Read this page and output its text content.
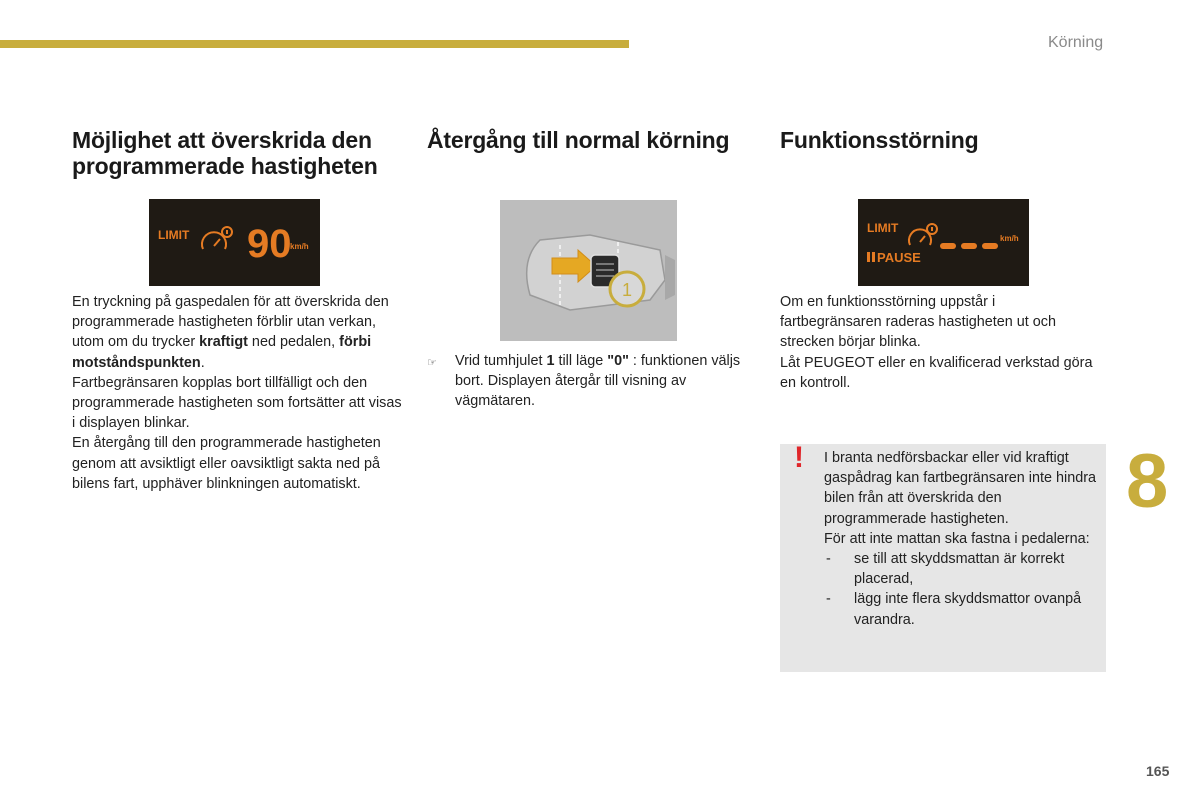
Körning
Möjlighet att överskrida den programmerade hastigheten
Återgång till normal körning	Funktionsstörning
LIMIT 90
km/h
1
LIMIT
PAUSE
km/h

En tryckning på gaspedalen för att överskrida den programmerade hastigheten förblir utan verkan, utom om du trycker kraftigt ned pedalen, förbi motståndspunkten.

Fartbegränsaren kopplas bort tillfälligt och den programmerade hastigheten som fortsätter att visas i displayen blinkar.

En återgång till den programmerade hastigheten genom att avsiktligt eller oavsiktligt sakta ned på bilens fart, upphäver blinkningen automatiskt.

☞	Vrid tumhjulet 1 till läge "0" : funktionen väljs bort. Displayen återgår till visning av vägmätaren.

Om en funktionsstörning uppstår i fartbegränsaren raderas hastigheten ut och strecken börjar blinka.

Låt PEUGEOT eller en kvalificerad verkstad göra en kontroll.

! I branta nedförsbackar eller vid kraftigt gaspådrag kan fartbegränsaren inte hindra bilen från att överskrida den programmerade hastigheten.

För att inte mattan ska fastna i pedalerna:

-	se till att skyddsmattan är korrekt placerad,
-	lägg inte flera skyddsmattor ovanpå varandra.
8
165
